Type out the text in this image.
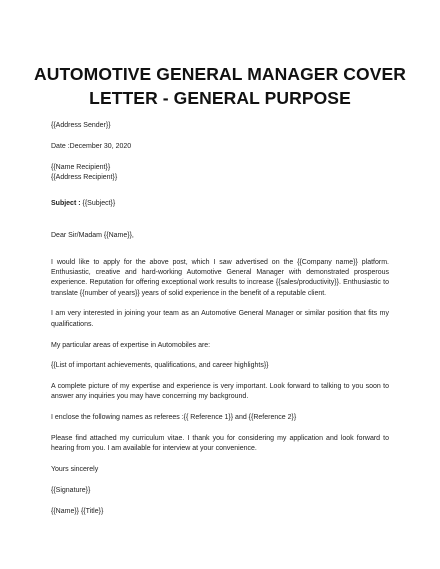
AUTOMOTIVE GENERAL MANAGER COVER
LETTER - GENERAL PURPOSE

{{Address Sender}}

Date :December 30, 2020

{{Name Recipient}}

{{Address Recipient}}

Subject : {{Subject}}

Dear Sir/Madam {{Name}},

I would like to apply for the above post, which I saw advertised on the {{Company name}} platform. Enthusiastic, creative and hard-working Automotive General Manager with demonstrated prosperous experience. Reputation for offering exceptional work results to increase {{sales/productivity}}. Enthusiastic to translate {{number of years}} years of solid experience in the benefit of a reputable client.

I am very interested in joining your team as an Automotive General Manager or similar position that fits my qualifications.

My particular areas of expertise in Automobiles are:

{{List of important achievements, qualifications, and career highlights}}

A complete picture of my expertise and experience is very important. Look forward to talking to you soon to answer any inquiries you may have concerning my background.

I enclose the following names as referees :{{ Reference 1}} and {{Reference 2}}

Please find attached my curriculum vitae. I thank you for considering my application and look forward to hearing from you. I am available for interview at your convenience.

Yours sincerely

{{Signature}}

{{Name}} {{Title}}
